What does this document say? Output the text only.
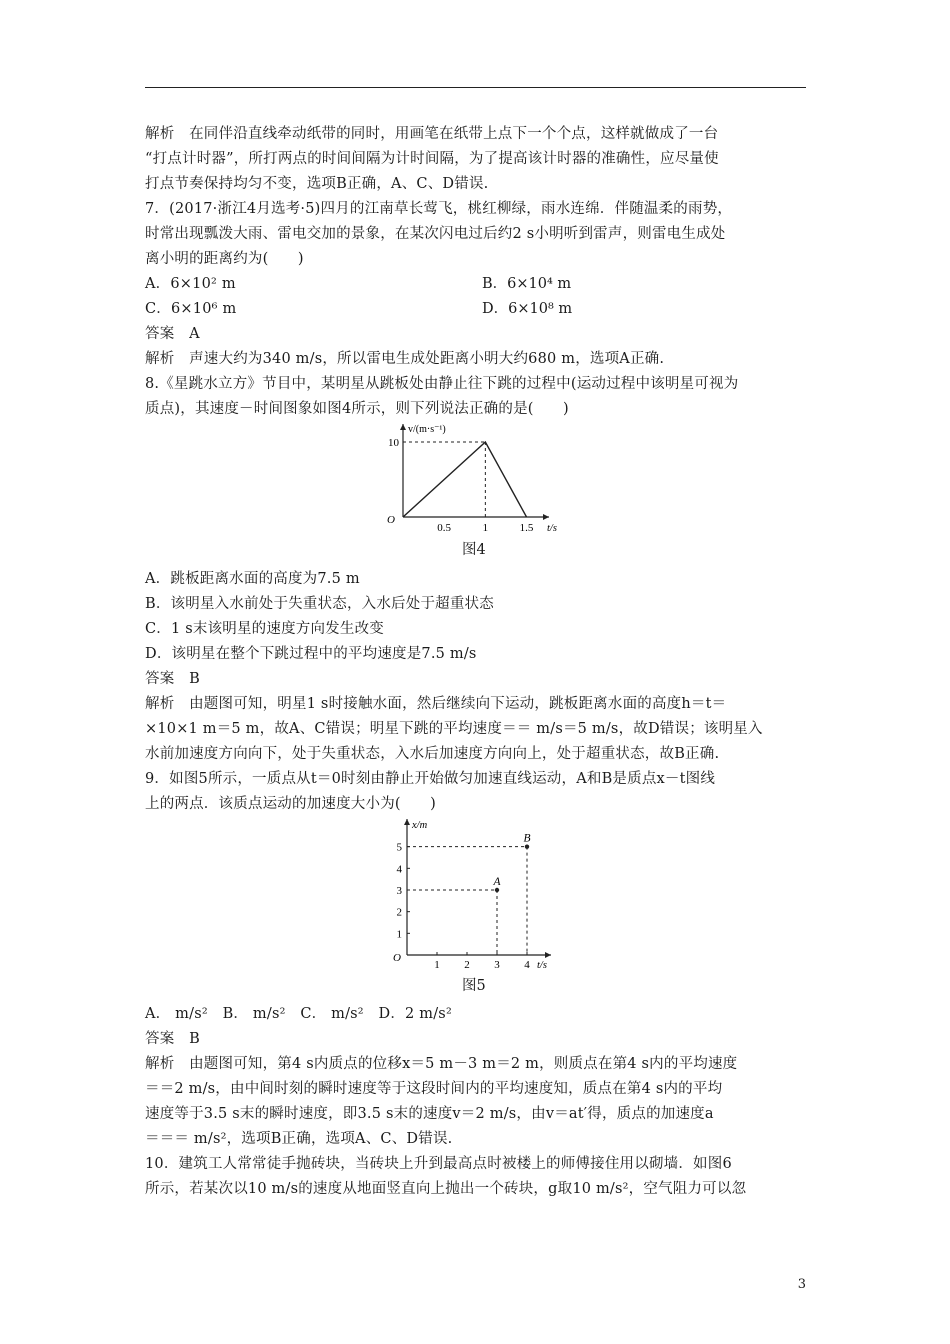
解析　在同伴沿直线牵动纸带的同时，用画笔在纸带上点下一个个点，这样就做成了一台
“打点计时器”，所打两点的时间间隔为计时间隔，为了提高该计时器的准确性，应尽量使
打点节奏保持均匀不变，选项B正确，A、C、D错误.
7．(2017·浙江4月选考·5)四月的江南草长莺飞，桃红柳绿，雨水连绵．伴随温柔的雨势，
时常出现瓢泼大雨、雷电交加的景象，在某次闪电过后约2 s小明听到雷声，则雷电生成处
离小明的距离约为(　　)
A．6×10² m	B．6×10⁴ m
C．6×10⁶ m	D．6×10⁸ m
答案　A
解析　声速大约为340 m/s，所以雷电生成处距离小明大约680 m，选项A正确.
8.《星跳水立方》节目中，某明星从跳板处由静止往下跳的过程中(运动过程中该明星可视为
质点)，其速度－时间图象如图4所示，则下列说法正确的是(　　)
0.5	1	1.5
10
O
t/s
v/(m·s⁻¹)
图4
A．跳板距离水面的高度为7.5 m
B．该明星入水前处于失重状态，入水后处于超重状态
C．1 s末该明星的速度方向发生改变
D．该明星在整个下跳过程中的平均速度是7.5 m/s
答案　B
解析　由题图可知，明星1 s时接触水面，然后继续向下运动，跳板距离水面的高度h＝t＝
×10×1 m＝5 m，故A、C错误；明星下跳的平均速度＝＝ m/s＝5 m/s，故D错误；该明星入
水前加速度方向向下，处于失重状态，入水后加速度方向向上，处于超重状态，故B正确.
9．如图5所示，一质点从t＝0时刻由静止开始做匀加速直线运动，A和B是质点x－t图线
上的两点．该质点运动的加速度大小为(　　)
1 2 3 4
1
2
3
4
5
A
B
O
t/s
x/m
图5
A． m/s²　B． m/s²　C． m/s²　D．2 m/s²
答案　B
解析　由题图可知，第4 s内质点的位移x＝5 m－3 m＝2 m，则质点在第4 s内的平均速度
＝＝2 m/s，由中间时刻的瞬时速度等于这段时间内的平均速度知，质点在第4 s内的平均
速度等于3.5 s末的瞬时速度，即3.5 s末的速度v＝2 m/s，由v＝at′得，质点的加速度a
＝＝＝ m/s²，选项B正确，选项A、C、D错误.
10．建筑工人常常徒手抛砖块，当砖块上升到最高点时被楼上的师傅接住用以砌墙．如图6
所示，若某次以10 m/s的速度从地面竖直向上抛出一个砖块，g取10 m/s²，空气阻力可以忽
3
